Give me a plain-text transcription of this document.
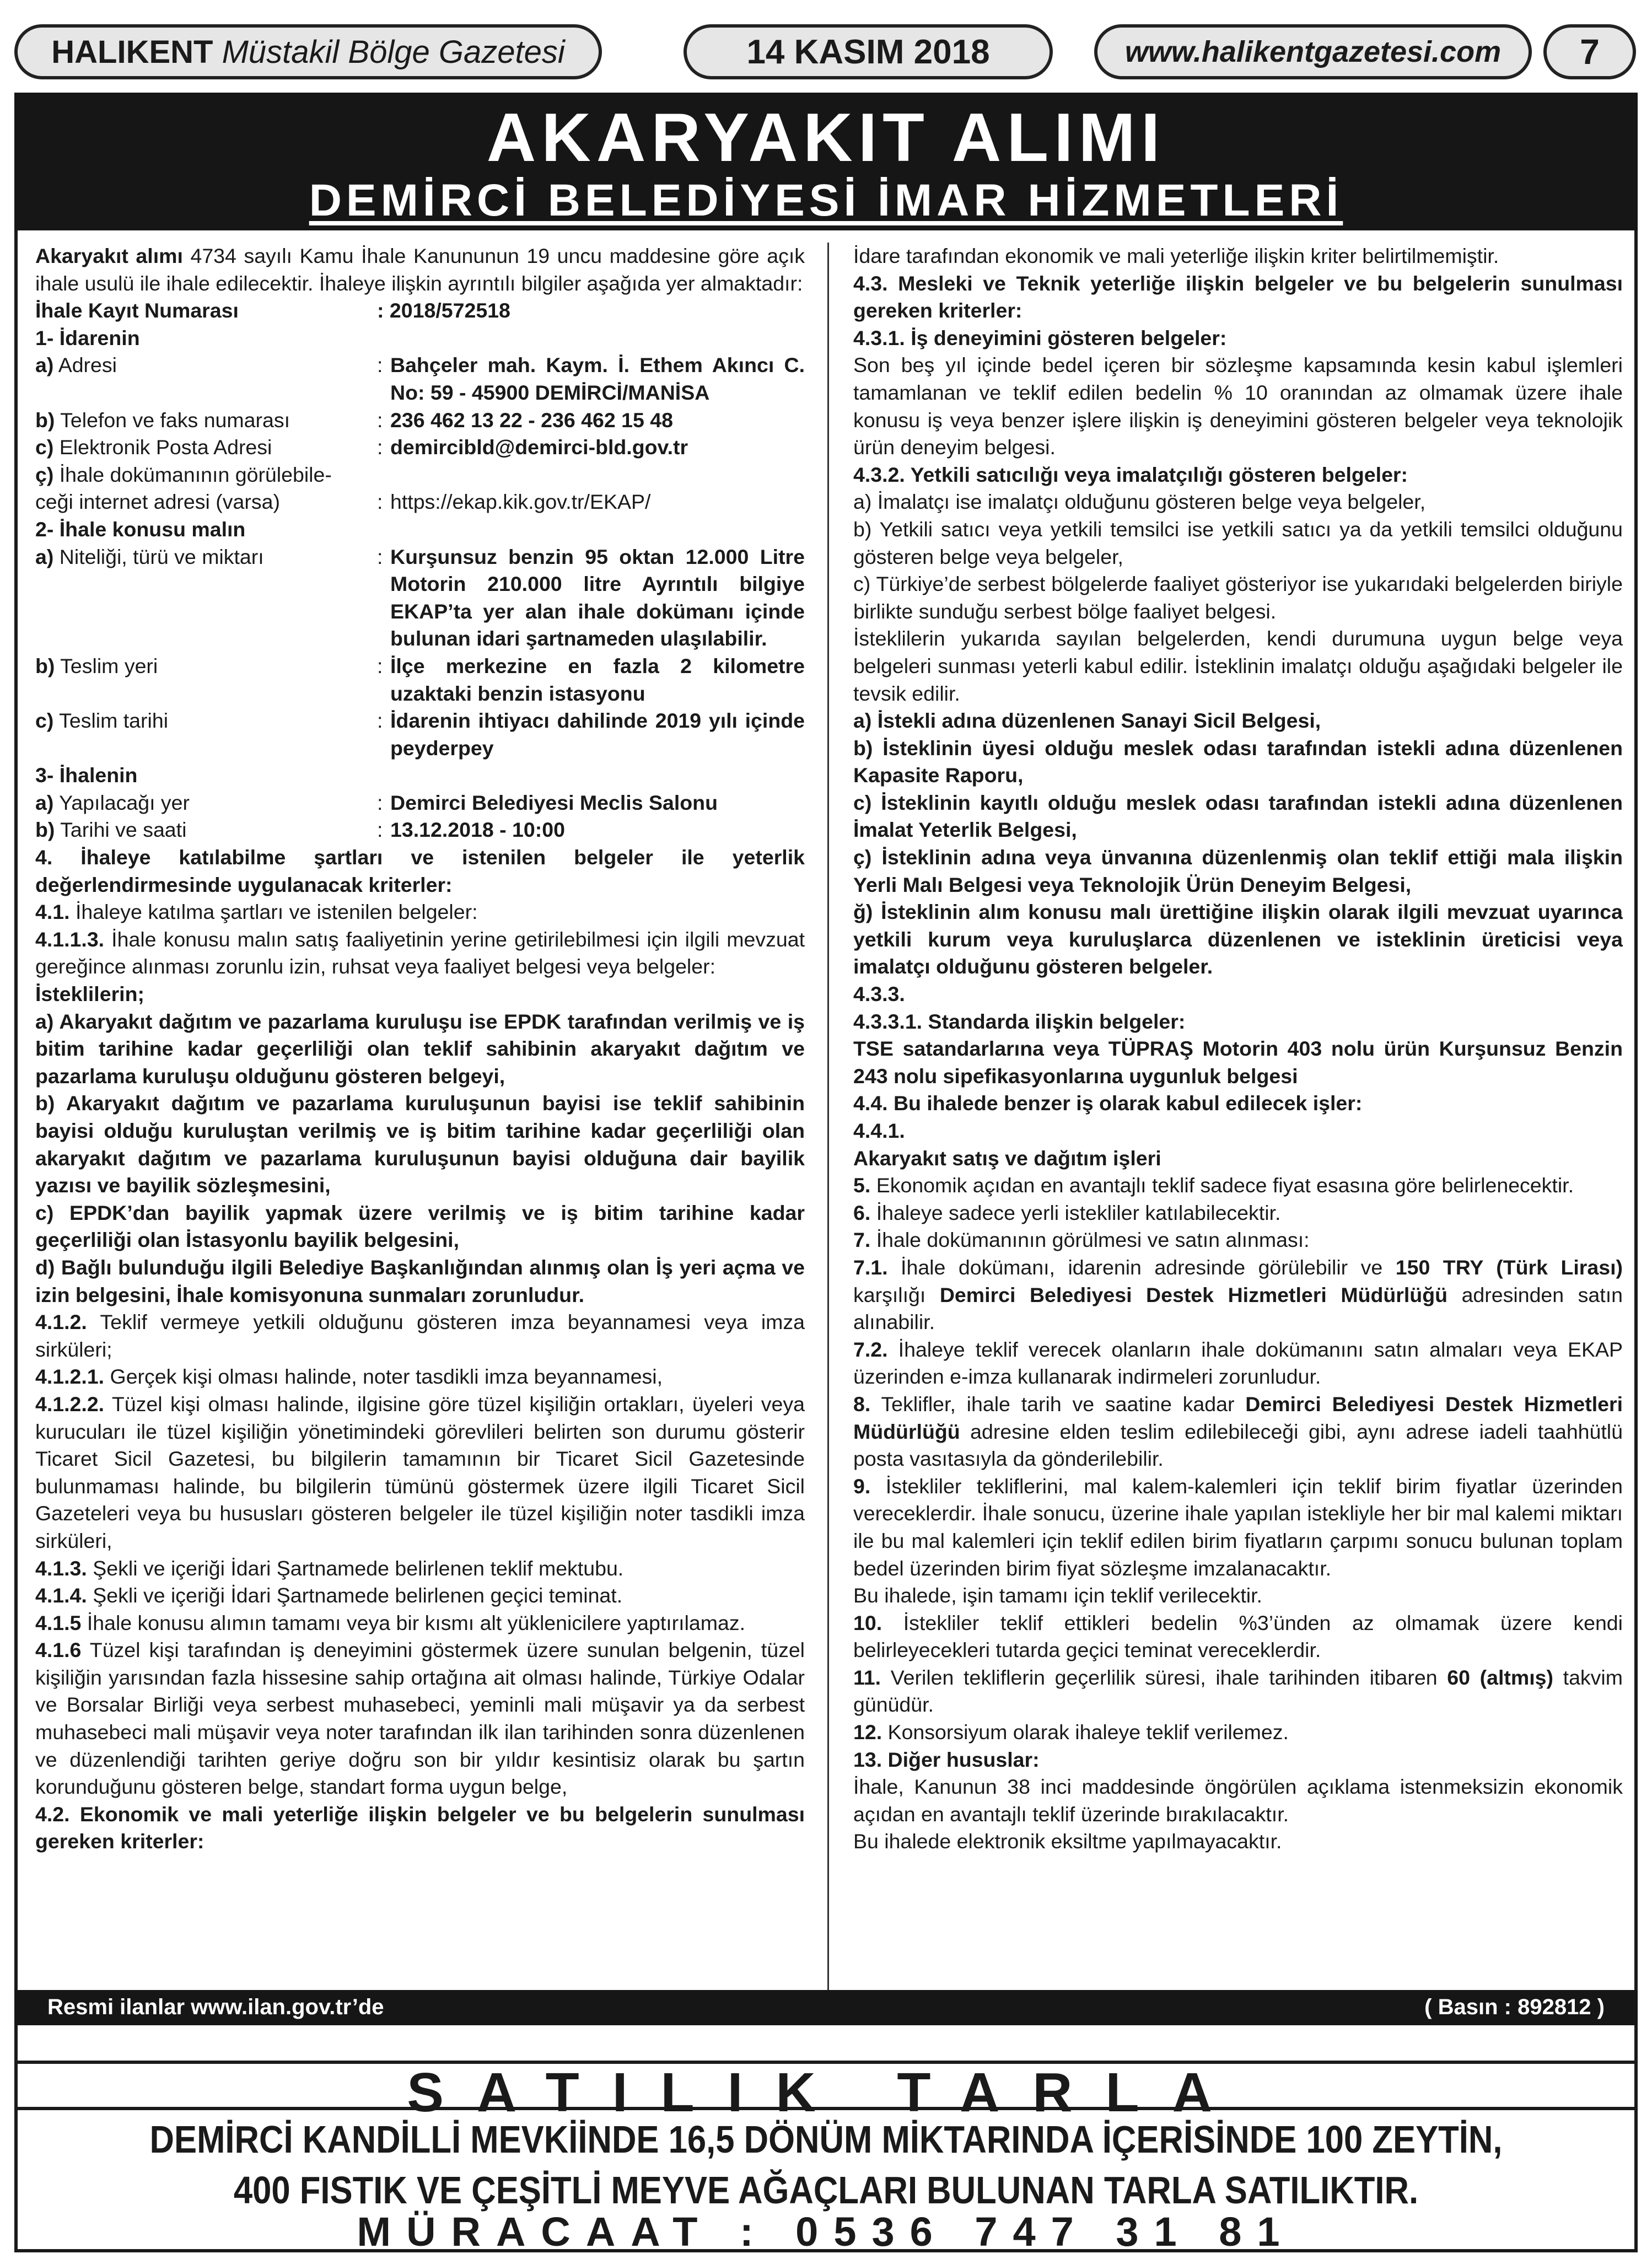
HALIKENT
Müstakil Bölge Gazetesi	14 KASIM 2018	www.halikentgazetesi.com	7
AKARYAKIT ALIMI
DEMİRCİ BELEDİYESİ İMAR HİZMETLERİ

Akaryakıt alımı 4734 sayılı Kamu İhale Kanununun 19 uncu maddesine göre açık ihale usulü ile ihale edilecektir. İhaleye ilişkin ayrıntılı bilgiler aşağıda yer almaktadır:

İhale Kayıt Numarası	: 2018/572518

1- İdarenin

a) Adresi	: Bahçeler mah. Kaym. İ. Ethem Akıncı C. No: 59 - 45900 DEMİRCİ/MANİSA
b) Telefon ve faks numarası	: 236 462 13 22 - 236 462 15 48
c) Elektronik Posta Adresi	: demircibld@demirci-bld.gov.tr

ç) İhale dokümanının görülebile-

ceği internet adresi (varsa)	: https://ekap.kik.gov.tr/EKAP/

2- İhale konusu malın

a) Niteliği, türü ve miktarı	: Kurşunsuz benzin 95 oktan 12.000 Litre Motorin 210.000 litre Ayrıntılı bilgiye EKAP’ta yer alan ihale dokümanı içinde bulunan idari şartnameden ulaşılabilir.
b) Teslim yeri	: İlçe merkezine en fazla 2 kilometre uzaktaki benzin istasyonu
c) Teslim tarihi	: İdarenin ihtiyacı dahilinde 2019 yılı içinde peyderpey

3- İhalenin

a) Yapılacağı yer	: Demirci Belediyesi Meclis Salonu
b) Tarihi ve saati	: 13.12.2018 - 10:00

4. İhaleye katılabilme şartları ve istenilen belgeler ile yeterlik değerlendirmesinde uygulanacak kriterler:

4.1. İhaleye katılma şartları ve istenilen belgeler:

4.1.1.3. İhale konusu malın satış faaliyetinin yerine getirilebilmesi için ilgili mevzuat gereğince alınması zorunlu izin, ruhsat veya faaliyet belgesi veya belgeler:

İsteklilerin;

a) Akaryakıt dağıtım ve pazarlama kuruluşu ise EPDK tarafından verilmiş ve iş bitim tarihine kadar geçerliliği olan teklif sahibinin akaryakıt dağıtım ve pazarlama kuruluşu olduğunu gösteren belgeyi,

b) Akaryakıt dağıtım ve pazarlama kuruluşunun bayisi ise teklif sahibinin bayisi olduğu kuruluştan verilmiş ve iş bitim tarihine kadar geçerliliği olan akaryakıt dağıtım ve pazarlama kuruluşunun bayisi olduğuna dair bayilik yazısı ve bayilik sözleşmesini,

c) EPDK’dan bayilik yapmak üzere verilmiş ve iş bitim tarihine kadar geçerliliği olan İstasyonlu bayilik belgesini,

d) Bağlı bulunduğu ilgili Belediye Başkanlığından alınmış olan İş yeri açma ve izin belgesini, İhale komisyonuna sunmaları zorunludur.

4.1.2. Teklif vermeye yetkili olduğunu gösteren imza beyannamesi veya imza sirküleri;

4.1.2.1. Gerçek kişi olması halinde, noter tasdikli imza beyannamesi,

4.1.2.2. Tüzel kişi olması halinde, ilgisine göre tüzel kişiliğin ortakları, üyeleri veya kurucuları ile tüzel kişiliğin yönetimindeki görevlileri belirten son durumu gösterir Ticaret Sicil Gazetesi, bu bilgilerin tamamının bir Ticaret Sicil Gazetesinde bulunmaması halinde, bu bilgilerin tümünü göstermek üzere ilgili Ticaret Sicil Gazeteleri veya bu hususları gösteren belgeler ile tüzel kişiliğin noter tasdikli imza sirküleri,

4.1.3. Şekli ve içeriği İdari Şartnamede belirlenen teklif mektubu.

4.1.4. Şekli ve içeriği İdari Şartnamede belirlenen geçici teminat.

4.1.5 İhale konusu alımın tamamı veya bir kısmı alt yüklenicilere yaptırılamaz.

4.1.6 Tüzel kişi tarafından iş deneyimini göstermek üzere sunulan belgenin, tüzel kişiliğin yarısından fazla hissesine sahip ortağına ait olması halinde, Türkiye Odalar ve Borsalar Birliği veya serbest muhasebeci, yeminli mali müşavir ya da serbest muhasebeci mali müşavir veya noter tarafından ilk ilan tarihinden sonra düzenlenen ve düzenlendiği tarihten geriye doğru son bir yıldır kesintisiz olarak bu şartın korunduğunu gösteren belge, standart forma uygun belge,

4.2. Ekonomik ve mali yeterliğe ilişkin belgeler ve bu belgelerin sunulması gereken kriterler:

İdare tarafından ekonomik ve mali yeterliğe ilişkin kriter belirtilmemiştir.

4.3. Mesleki ve Teknik yeterliğe ilişkin belgeler ve bu belgelerin sunulması gereken kriterler:

4.3.1. İş deneyimini gösteren belgeler:

Son beş yıl içinde bedel içeren bir sözleşme kapsamında kesin kabul işlemleri tamamlanan ve teklif edilen bedelin % 10 oranından az olmamak üzere ihale konusu iş veya benzer işlere ilişkin iş deneyimini gösteren belgeler veya teknolojik ürün deneyim belgesi.

4.3.2. Yetkili satıcılığı veya imalatçılığı gösteren belgeler:

a) İmalatçı ise imalatçı olduğunu gösteren belge veya belgeler,

b) Yetkili satıcı veya yetkili temsilci ise yetkili satıcı ya da yetkili temsilci olduğunu gösteren belge veya belgeler,

c) Türkiye’de serbest bölgelerde faaliyet gösteriyor ise yukarıdaki belgelerden biriyle birlikte sunduğu serbest bölge faaliyet belgesi.

İsteklilerin yukarıda sayılan belgelerden, kendi durumuna uygun belge veya belgeleri sunması yeterli kabul edilir. İsteklinin imalatçı olduğu aşağıdaki belgeler ile tevsik edilir.

a) İstekli adına düzenlenen Sanayi Sicil Belgesi,

b) İsteklinin üyesi olduğu meslek odası tarafından istekli adına düzenlenen Kapasite Raporu,

c) İsteklinin kayıtlı olduğu meslek odası tarafından istekli adına düzenlenen İmalat Yeterlik Belgesi,

ç) İsteklinin adına veya ünvanına düzenlenmiş olan teklif ettiği mala ilişkin Yerli Malı Belgesi veya Teknolojik Ürün Deneyim Belgesi,

ğ) İsteklinin alım konusu malı ürettiğine ilişkin olarak ilgili mevzuat uyarınca yetkili kurum veya kuruluşlarca düzenlenen ve isteklinin üreticisi veya imalatçı olduğunu gösteren belgeler.

4.3.3.

4.3.3.1. Standarda ilişkin belgeler:

TSE satandarlarına veya TÜPRAŞ Motorin 403 nolu ürün Kurşunsuz Benzin 243 nolu sipefikasyonlarına uygunluk belgesi

4.4. Bu ihalede benzer iş olarak kabul edilecek işler:

4.4.1.

Akaryakıt satış ve dağıtım işleri

5. Ekonomik açıdan en avantajlı teklif sadece fiyat esasına göre belirlenecektir.

6. İhaleye sadece yerli istekliler katılabilecektir.

7. İhale dokümanının görülmesi ve satın alınması:

7.1. İhale dokümanı, idarenin adresinde görülebilir ve 150 TRY (Türk Lirası) karşılığı Demirci Belediyesi Destek Hizmetleri Müdürlüğü adresinden satın alınabilir.

7.2. İhaleye teklif verecek olanların ihale dokümanını satın almaları veya EKAP üzerinden e-imza kullanarak indirmeleri zorunludur.

8. Teklifler, ihale tarih ve saatine kadar Demirci Belediyesi Destek Hizmetleri Müdürlüğü adresine elden teslim edilebileceği gibi, aynı adrese iadeli taahhütlü posta vasıtasıyla da gönderilebilir.

9. İstekliler tekliflerini, mal kalem-kalemleri için teklif birim fiyatlar üzerinden vereceklerdir. İhale sonucu, üzerine ihale yapılan istekliyle her bir mal kalemi miktarı ile bu mal kalemleri için teklif edilen birim fiyatların çarpımı sonucu bulunan toplam bedel üzerinden birim fiyat sözleşme imzalanacaktır.

Bu ihalede, işin tamamı için teklif verilecektir.

10. İstekliler teklif ettikleri bedelin %3’ünden az olmamak üzere kendi belirleyecekleri tutarda geçici teminat vereceklerdir.

11. Verilen tekliflerin geçerlilik süresi, ihale tarihinden itibaren 60 (altmış) takvim günüdür.

12. Konsorsiyum olarak ihaleye teklif verilemez.

13. Diğer hususlar:

İhale, Kanunun 38 inci maddesinde öngörülen açıklama istenmeksizin ekonomik açıdan en avantajlı teklif üzerinde bırakılacaktır.

Bu ihalede elektronik eksiltme yapılmayacaktır.

Resmi ilanlar www.ilan.gov.tr’de	( Basın : 892812 )
SATILIK TARLA
DEMİRCİ KANDİLLİ MEVKİİNDE 16,5 DÖNÜM MİKTARINDA İÇERİSİNDE 100 ZEYTİN,
400 FISTIK VE ÇEŞİTLİ MEYVE AĞAÇLARI BULUNAN TARLA SATILIKTIR.
MÜRACAAT : 0536 747 31 81
